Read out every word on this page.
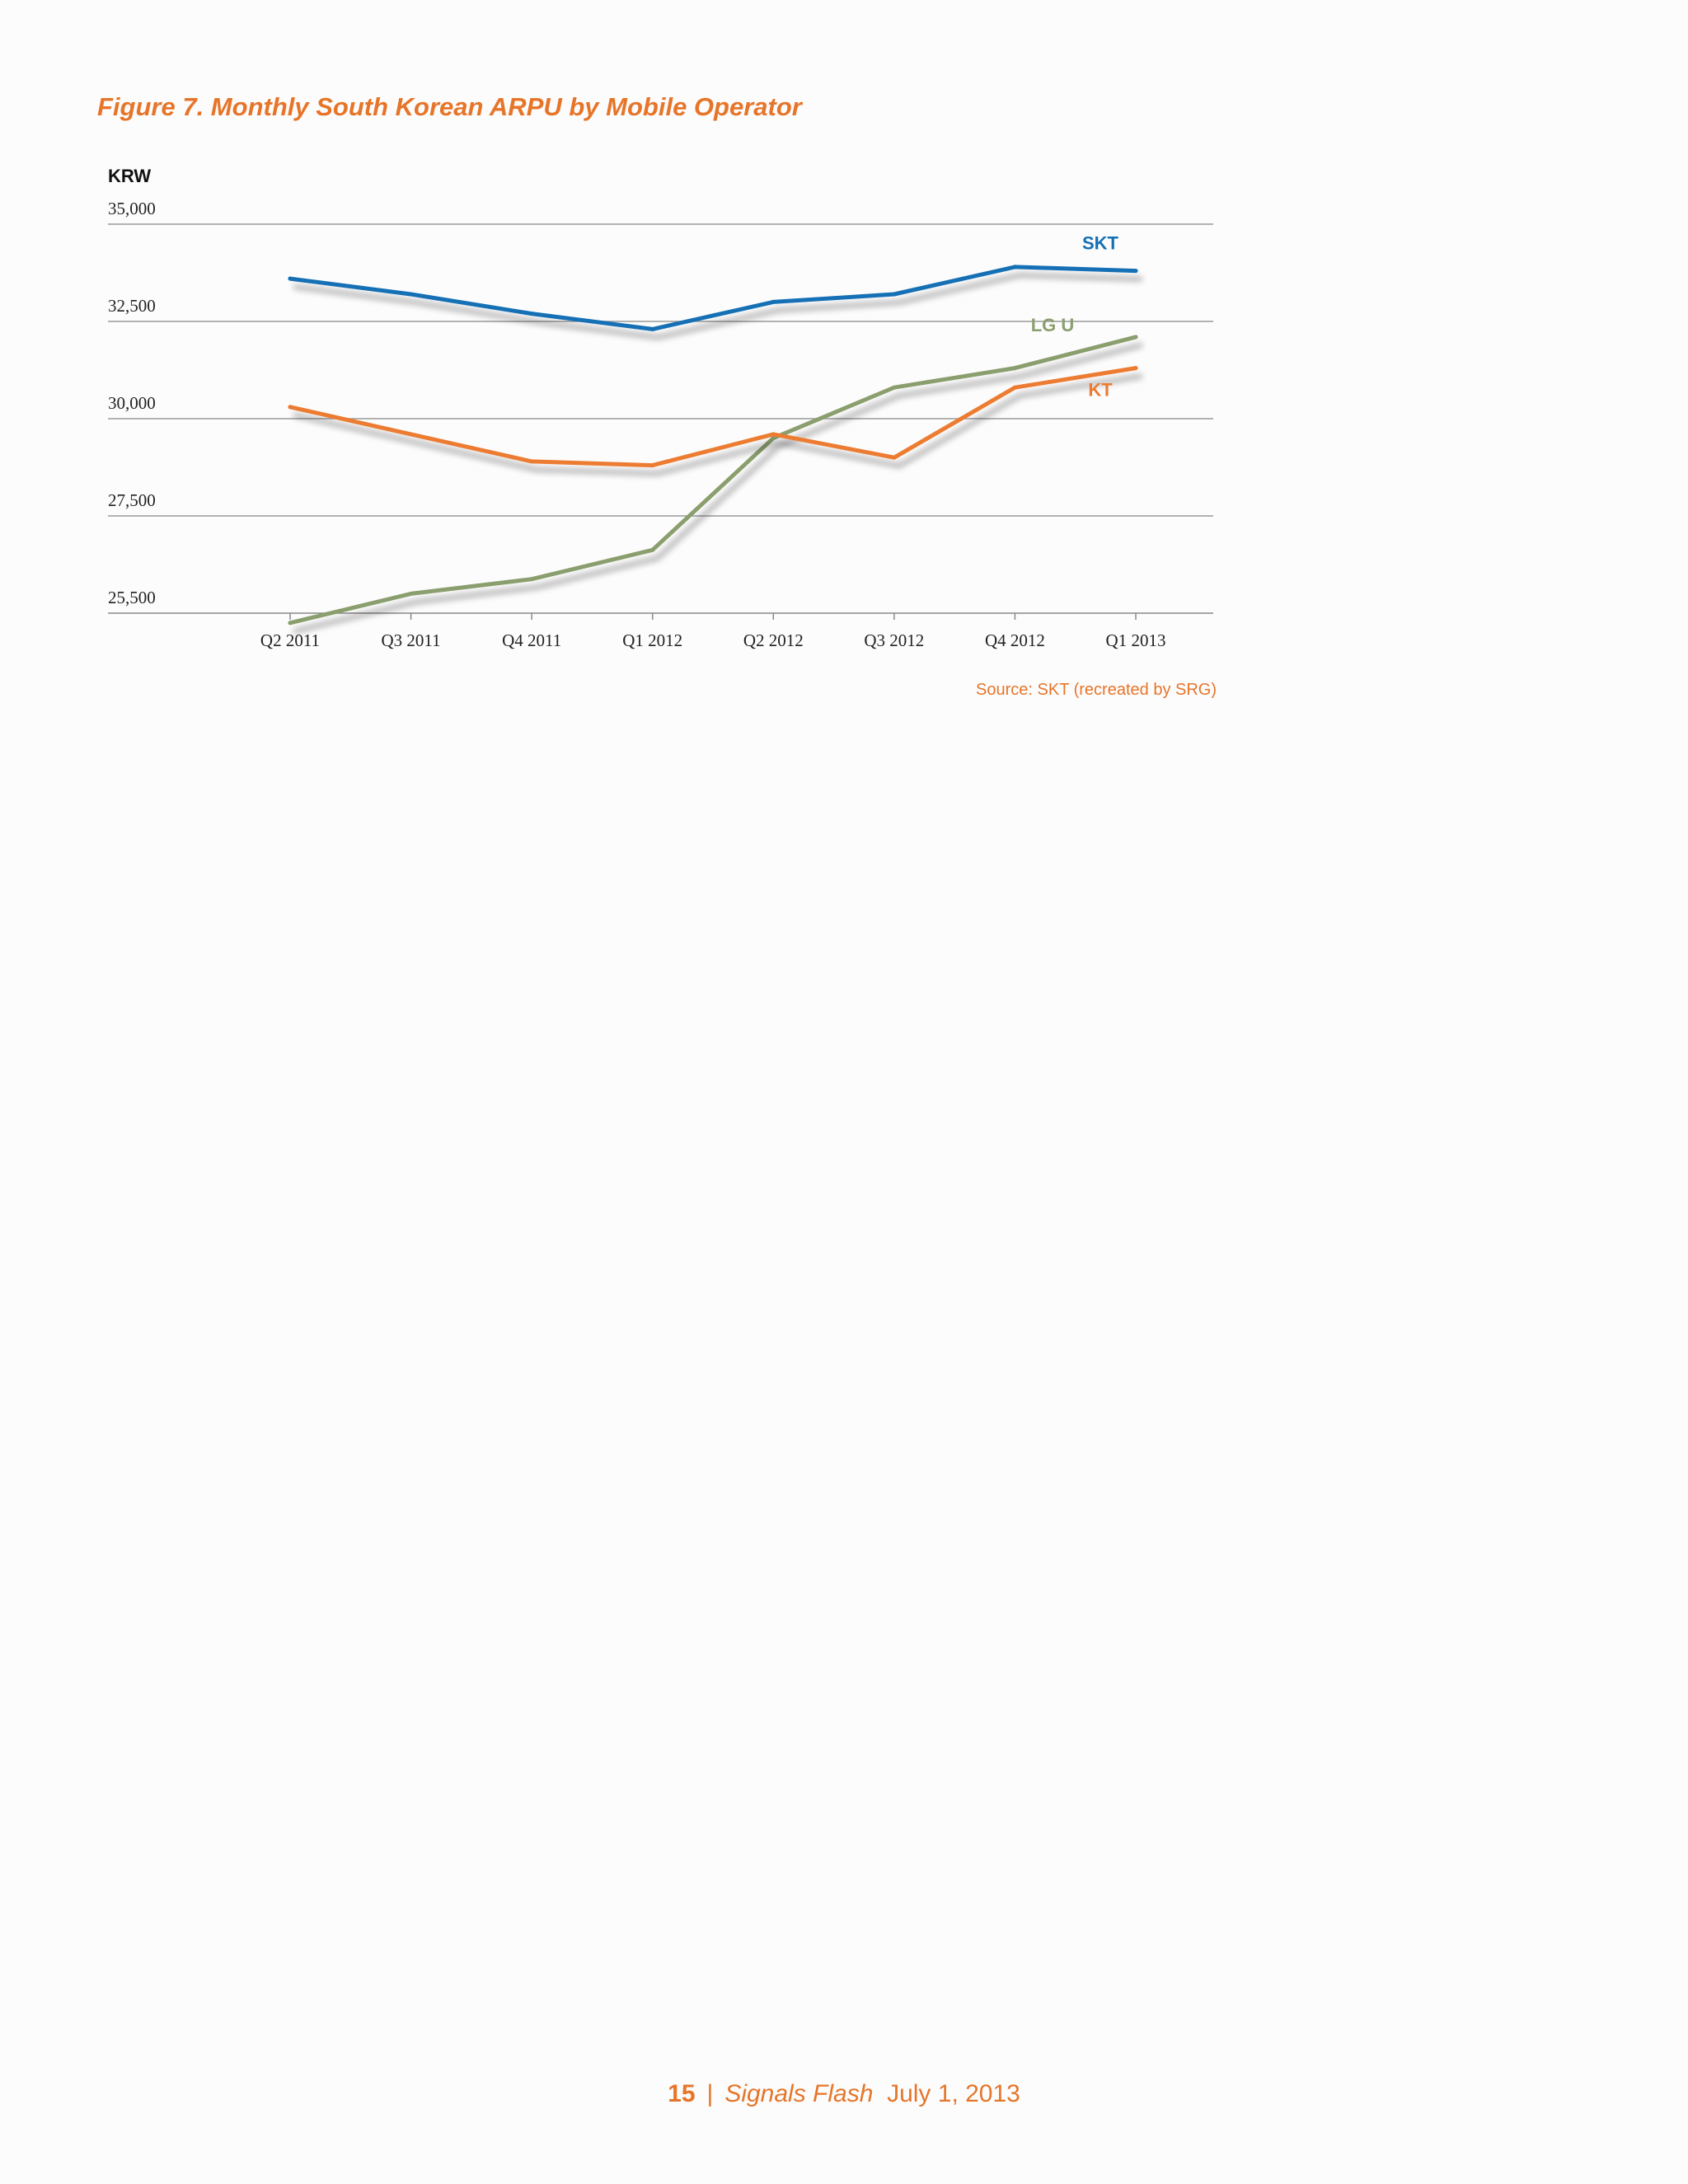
Figure 7. Monthly South Korean ARPU by Mobile Operator
KRW
25,500
27,500
30,000
32,500
35,000
Q2 2011	Q3 2011	Q4 2011	Q1 2012	Q2 2012	Q3 2012	Q4 2012	Q1 2013
SKT
LG U
KT
Source: SKT (recreated by SRG)
15 | Signals Flash July 1, 2013
